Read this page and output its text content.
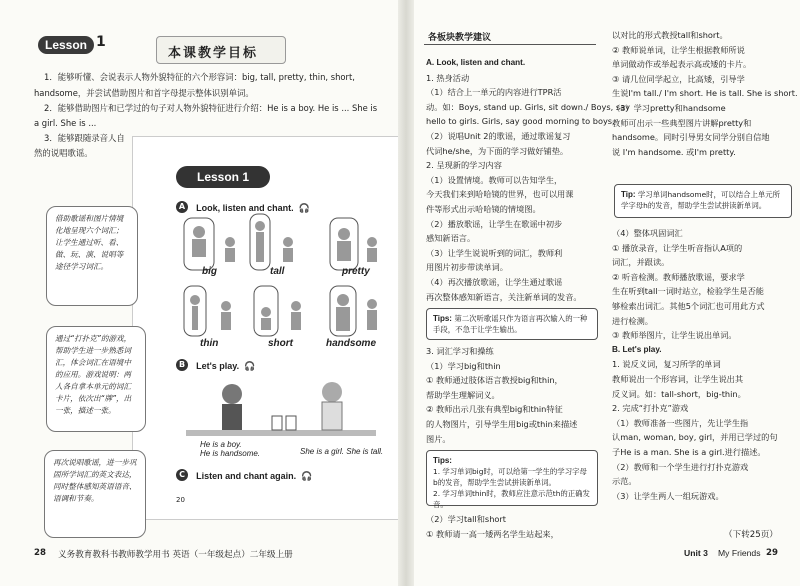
Lesson 1
本课教学目标
1．能够听懂、会说表示人物外貌特征的六个形容词：big, tall, pretty, thin, short,
handsome，并尝试借助图片和首字母提示整体识别单词。
2．能够借助图片和已学过的句子对人物外貌特征进行介绍：He is a boy. He is ... She is
a girl. She is ...
3．能够跟随录音人自
然的说唱歌谣。
Lesson 1
A Look, listen and chant. 🎧
big	tall	pretty
thin	short	handsome
B Let's play. 🎧
He is a boy.
He is handsome.	She is a girl. She is tall.
C Listen and chant again. 🎧
20
借助歌谣和图片情境化地呈现六个词汇；让学生通过听、看、做、玩、演、说唱等途径学习词汇。
通过“打扑克”的游戏，帮助学生进一步熟悉词汇，体会词汇在语境中的应用。游戏说明：两人各自拿本单元的词汇卡片，依次出“牌”，出一张，描述一张。
再次说唱歌谣，进一步巩固所学词汇的英文表达，同时整体感知英语语音、语调和节奏。
28 义务教育教科书教师教学用书 英语（一年级起点）二年级上册
各板块教学建议
A. Look, listen and chant.
1. 热身活动
（1）结合上一单元的内容进行TPR活
动。如：Boys, stand up. Girls, sit down./ Boys, say
hello to girls. Girls, say good morning to boys.
（2）说唱Unit 2的歌谣，通过歌谣复习
代词he/she，为下面的学习做好铺垫。
2. 呈现新的学习内容
（1）设置情境。教师可以告知学生，
今天我们来到哈哈镜的世界，也可以用课
件等形式出示哈哈镜的情境图。
（2）播放歌谣，让学生在歌谣中初步
感知新语言。
（3）让学生说说听到的词汇，教师利
用图片初步带读单词。
（4）再次播放歌谣，让学生通过歌谣
再次整体感知新语言，关注新单词的发音。
Tips: 第二次听歌谣只作为语言再次输入的一种手段，不急于让学生输出。
3. 词汇学习和操练
（1）学习big和thin
① 教师通过肢体语言教授big和thin，
帮助学生理解词义。
② 教师出示几张有典型big和thin特征
的人物图片，引导学生用big或thin来描述
图片。
Tips:
1. 学习单词big时，可以给第一学生的学习字母b的发音，帮助学生尝试拼读新单词。
2. 学习单词thin时，教师应注意示范th的正确发音。
（2）学习tall和short
① 教师请一高一矮两名学生站起来，
以对比的形式教授tall和short。
② 教师说单词，让学生根据教师所说
单词做动作或举起表示高或矮的卡片。
③ 请几位同学起立，比高矮，引导学
生说I'm tall./ I'm short. He is tall. She is short.
（3）学习pretty和handsome
教师可出示一些典型图片讲解pretty和
handsome。同时引导男女同学分别自信地
说 I'm handsome. 或I'm pretty.
Tip: 学习单词handsome时，可以结合上单元所学字母h的发音，帮助学生尝试拼读新单词。
（4）整体巩固词汇
① 播放录音，让学生听音指认A项的
词汇，并跟读。
② 听音检测。教师播放歌谣，要求学
生在听到tall一词时站立，检验学生是否能
够检索出词汇。其他5个词汇也可用此方式
进行检测。
③ 教师举图片，让学生说出单词。
B. Let's play.
1. 说反义词，复习所学的单词
教师说出一个形容词，让学生说出其
反义词。如：tall-short，big-thin。
2. 完成“打扑克”游戏
（1）教师准备一些图片，先让学生指
认man, woman, boy, girl，并用已学过的句
子He is a man. She is a girl.进行描述。
（2）教师和一个学生进行打扑克游戏
示范。
（3）让学生两人一组玩游戏。
（下转25页）
Unit 3 My Friends 29
